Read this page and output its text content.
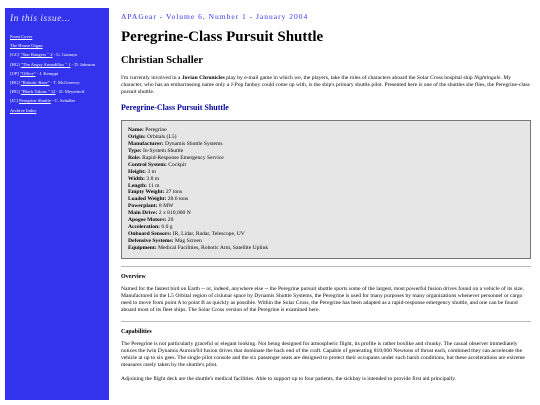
In this issue...
Front Cover
The House Organ
[GC] "Star Rangers " 2 - G. Gamaya
[HG] "The Angry Armadillos " 1 - D. Johnson
[UP] "Office" - J. Kemppi
[HG] "Robotic Race" - T. McGreevey
[HG] "Black Talons " 12 - D. Meyerhoff
[JC] Peregrine Shuttle - C. Schaller
Archive Index
APAGear - Volume 6, Number 1 - January 2004
Peregrine-Class Pursuit Shuttle
Christian Schaller

I'm currently involved in a Jovian Chronicles play by e-mail game in which we, the players, take the roles of characters aboard the Solar Cross hospital ship Nightingale. My character, who has an embarrassing name only a J-Pop fanboy could come up with, is the ship's primary shuttle pilot. Presented here is one of the shuttles she flies, the Peregrine-class pursuit shuttle.

Peregrine-Class Pursuit Shuttle
Name: Peregrine
Origin: Orbitals (L5)
Manufacturer: Dynamis Shuttle Systems
Type: In-System Shuttle
Role: Rapid-Response Emergency Service
Control System: Cockpit
Height: 3 m
Width: 3.8 m
Length: 11 m
Empty Weight: 27 tons
Loaded Weight: 28.6 tons
Powerplant: 8 MW
Main Drive: 2 x 810,000 N
Apogee Motors: 20
Acceleration: 6.0 g
Onboard Sensors: IR, Lidar, Radar, Telescope, UV
Defensive Systems: Mag Screen
Equipment: Medical Facilities, Robotic Arm, Satellite Uplink
Overview

Named for the fastest bird on Earth -- or, indeed, anywhere else -- the Peregrine pursuit shuttle sports some of the largest, most powerful fusion drives found on a vehicle of its size. Manufactured in the L5 Orbital region of cislunar space by Dynamis Shuttle Systems, the Peregrine is used for many purposes by many organizations whenever personnel or cargo need to move from point A to point B as quickly as possible. Within the Solar Cross, the Peregrine has been adapted as a rapid-response emergency shuttle, and one can be found aboard most of its fleet ships. The Solar Cross version of the Peregrine is examined here.

Capabilities

The Peregrine is not particularly graceful or elegant looking. Not being designed for atmospheric flight, its profile is rather boxlike and chunky. The casual observer immediately notices the twin Dynamis Aurora/04 fusion drives that dominate the back end of the craft. Capable of generating 810,000 Newtons of thrust each, combined they can accelerate the vehicle at up to six gees. The single pilot console and the six passenger seats are designed to protect their occupants under such harsh conditions, but these accelerations are extreme measures rarely taken by the shuttle's pilot.

Adjoining the flight deck are the shuttle's medical facilities. Able to support up to four patients, the sickbay is intended to provide first aid principally.
